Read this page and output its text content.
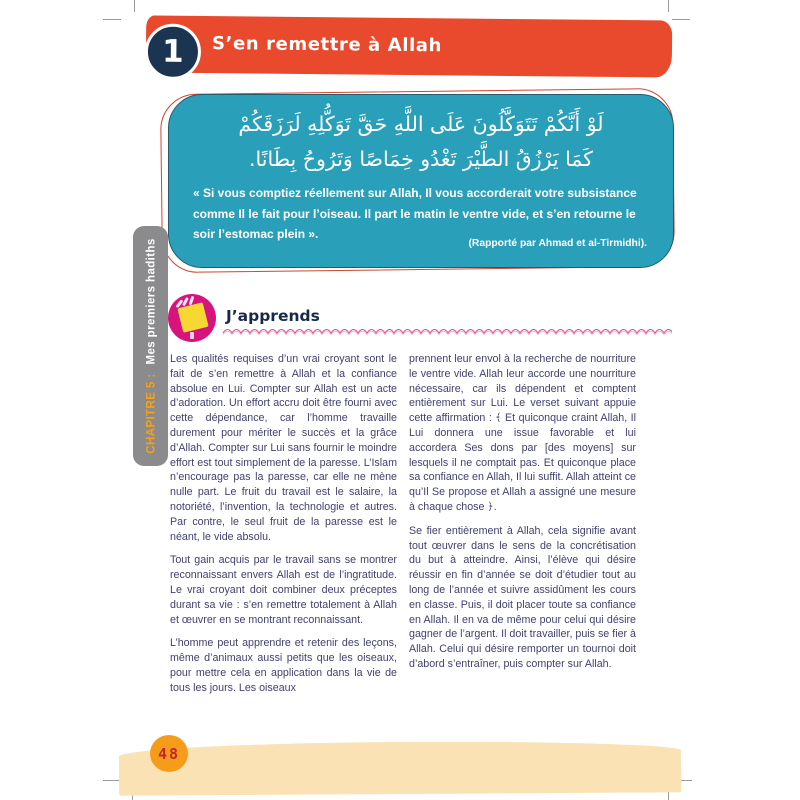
1 S’en remettre à Allah
لَوْ أَنَّكُمْ تَتَوَكَّلُونَ عَلَى اللَّهِ حَقَّ تَوَكُّلِهِ لَرَزَقَكُمْ
كَمَا يَرْزُقُ الطَّيْرَ تَغْدُو خِمَاصًا وَتَرُوحُ بِطَانًا.
« Si vous comptiez réellement sur Allah, Il vous accorderait votre subsistance comme Il le fait pour l’oiseau. Il part le matin le ventre vide, et s’en retourne le soir l’estomac plein ».
(Rapporté par Ahmad et al-Tirmidhi).
CHAPITRE 5 :
Mes premiers hadiths	J’apprends

Les qualités requises d’un vrai croyant sont le fait de s’en remettre à Allah et la confiance absolue en Lui. Compter sur Allah est un acte d’adoration. Un effort accru doit être fourni avec cette dépendance, car l’homme travaille durement pour mériter le succès et la grâce d’Allah. Compter sur Lui sans fournir le moindre effort est tout simplement de la paresse. L’Islam n’encourage pas la paresse, car elle ne mène nulle part. Le fruit du travail est le salaire, la notoriété, l’invention, la technologie et autres. Par contre, le seul fruit de la paresse est le néant, le vide absolu.

Tout gain acquis par le travail sans se montrer reconnaissant envers Allah est de l’ingratitude. Le vrai croyant doit combiner deux préceptes durant sa vie : s’en remettre totalement à Allah et œuvrer en se montrant reconnaissant.

L’homme peut apprendre et retenir des leçons, même d’animaux aussi petits que les oiseaux, pour mettre cela en application dans la vie de tous les jours. Les oiseaux

prennent leur envol à la recherche de nourriture le ventre vide. Allah leur accorde une nourriture nécessaire, car ils dépendent et comptent entièrement sur Lui. Le verset suivant appuie cette affirmation : ﴾ Et quiconque craint Allah, Il Lui donnera une issue favorable et lui accordera Ses dons par [des moyens] sur lesquels il ne comptait pas. Et quiconque place sa confiance en Allah, Il lui suffit. Allah atteint ce qu’Il Se propose et Allah a assigné une mesure à chaque chose ﴿.

Se fier entièrement à Allah, cela signifie avant tout œuvrer dans le sens de la concrétisation du but à atteindre. Ainsi, l’élève qui désire réussir en fin d’année se doit d’étudier tout au long de l’année et suivre assidûment les cours en classe. Puis, il doit placer toute sa confiance en Allah. Il en va de même pour celui qui désire gagner de l’argent. Il doit travailler, puis se fier à Allah. Celui qui désire remporter un tournoi doit d’abord s’entraîner, puis compter sur Allah.

48
